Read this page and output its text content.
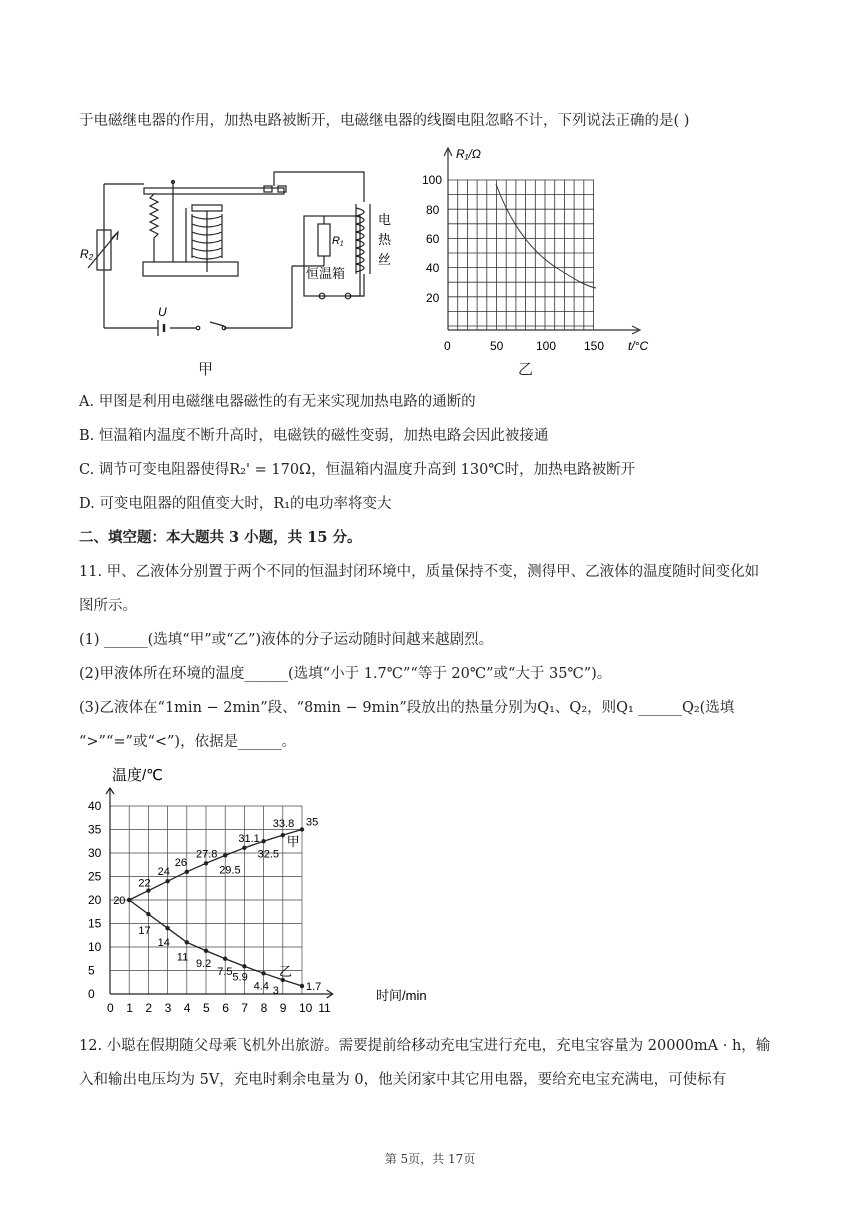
于电磁继电器的作用，加热电路被断开，电磁继电器的线圈电阻忽略不计，下列说法正确的是( )
R₂
R₁
U
恒温箱
电
热
丝
甲
R₁/Ω
t/°C
100
80
60
40
20
0	50	100 150
乙
A. 甲图是利用电磁继电器磁性的有无来实现加热电路的通断的
B. 恒温箱内温度不断升高时，电磁铁的磁性变弱，加热电路会因此被接通
C. 调节可变电阻器使得R₂' = 170Ω，恒温箱内温度升高到 130℃时，加热电路被断开
D. 可变电阻器的阻值变大时，R₁的电功率将变大
二、填空题：本大题共 3 小题，共 15 分。
11. 甲、乙液体分别置于两个不同的恒温封闭环境中，质量保持不变，测得甲、乙液体的温度随时间变化如
图所示。
(1) ______(选填“甲”或“乙”)液体的分子运动随时间越来越剧烈。
(2)甲液体所在环境的温度______(选填“小于 1.7℃”“等于 20℃”或“大于 35℃”)。
(3)乙液体在“1min − 2min”段、“8min − 9min”段放出的热量分别为Q₁、Q₂，则Q₁ ______Q₂(选填
“>”“=”或“<”)，依据是______。
温度/℃
时间/min
0
5
10
15
20
25
30
35
40
0 1 2 3 4 5 6 7 8 9 10 11
20
22
24
26
27.8
29.5
31.1
32.5
33.8 35
17
14
11
9.2
7.5 5.9
4.4 3 1.7
甲
乙
12. 小聪在假期随父母乘飞机外出旅游。需要提前给移动充电宝进行充电，充电宝容量为 20000mA · h，输
入和输出电压均为 5V，充电时剩余电量为 0，他关闭家中其它用电器，要给充电宝充满电，可使标有
第 5页，共 17页
